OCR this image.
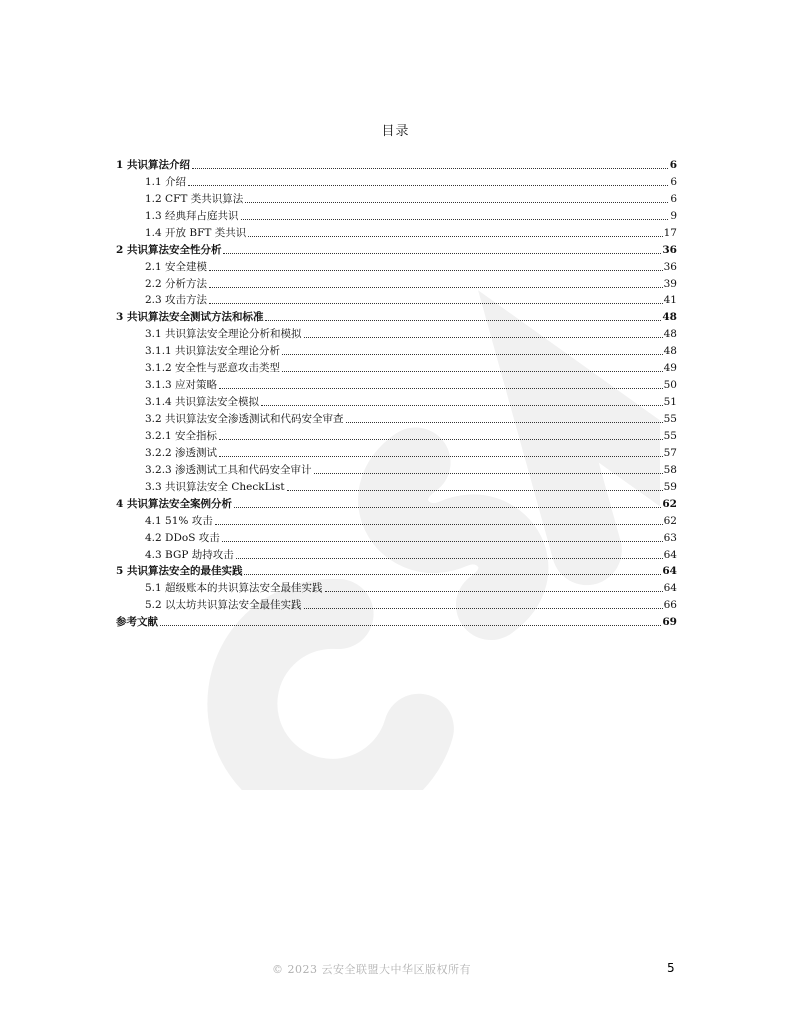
目录
1 共识算法介绍	6
1.1 介绍	6
1.2 CFT 类共识算法	6
1.3 经典拜占庭共识	9
1.4 开放 BFT 类共识	17
2 共识算法安全性分析	36
2.1 安全建模	36
2.2 分析方法	39
2.3 攻击方法	41
3 共识算法安全测试方法和标准	48
3.1 共识算法安全理论分析和模拟	48
3.1.1 共识算法安全理论分析	48
3.1.2 安全性与恶意攻击类型	49
3.1.3 应对策略	50
3.1.4 共识算法安全模拟	51
3.2 共识算法安全渗透测试和代码安全审查	55
3.2.1 安全指标	55
3.2.2 渗透测试	57
3.2.3 渗透测试工具和代码安全审计	58
3.3 共识算法安全 CheckList	59
4 共识算法安全案例分析	62
4.1 51% 攻击	62
4.2 DDoS 攻击	63
4.3 BGP 劫持攻击	64
5 共识算法安全的最佳实践	64
5.1 超级账本的共识算法安全最佳实践	64
5.2 以太坊共识算法安全最佳实践	66
参考文献	69
© 2023 云安全联盟大中华区版权所有	5
